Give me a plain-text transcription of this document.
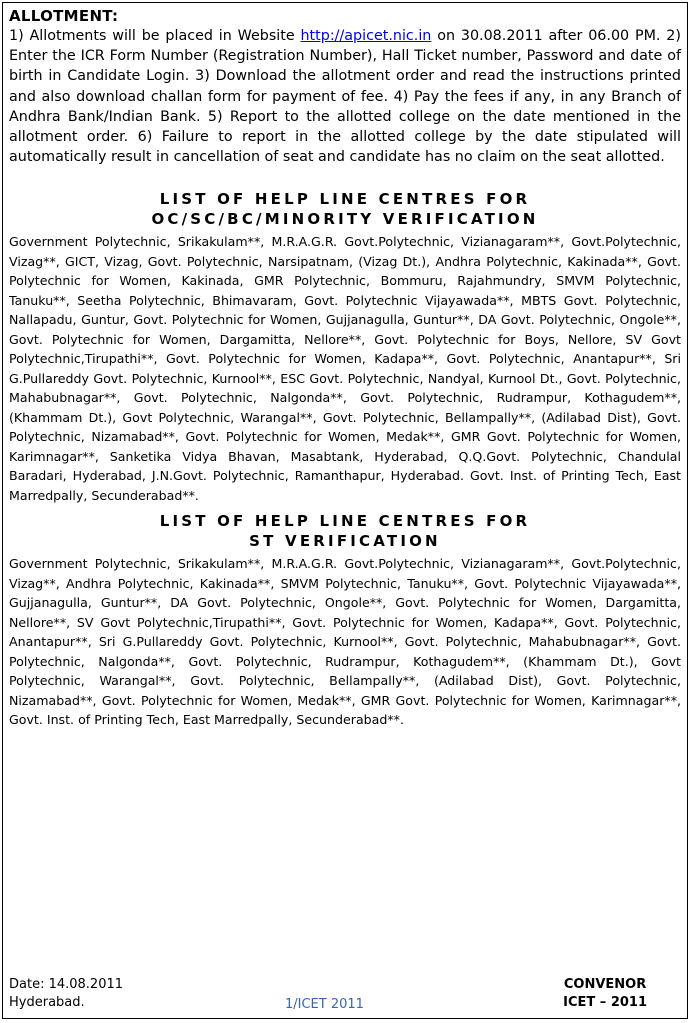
ALLOTMENT:
1) Allotments will be placed in Website http://apicet.nic.in on 30.08.2011 after 06.00 PM. 2) Enter the ICR Form Number (Registration Number), Hall Ticket number, Password and date of birth in Candidate Login. 3) Download the allotment order and read the instructions printed and also download challan form for payment of fee. 4) Pay the fees if any, in any Branch of Andhra Bank/Indian Bank. 5) Report to the allotted college on the date mentioned in the allotment order. 6) Failure to report in the allotted college by the date stipulated will automatically result in cancellation of seat and candidate has no claim on the seat allotted.
LIST OF HELP LINE CENTRES FOR
OC/SC/BC/MINORITY VERIFICATION
Government Polytechnic, Srikakulam**, M.R.A.G.R. Govt.Polytechnic, Vizianagaram**, Govt.Polytechnic, Vizag**, GICT, Vizag, Govt. Polytechnic, Narsipatnam, (Vizag Dt.), Andhra Polytechnic, Kakinada**, Govt. Polytechnic for Women, Kakinada, GMR Polytechnic, Bommuru, Rajahmundry, SMVM Polytechnic, Tanuku**, Seetha Polytechnic, Bhimavaram, Govt. Polytechnic Vijayawada**, MBTS Govt. Polytechnic, Nallapadu, Guntur, Govt. Polytechnic for Women, Gujjanagulla, Guntur**, DA Govt. Polytechnic, Ongole**, Govt. Polytechnic for Women, Dargamitta, Nellore**, Govt. Polytechnic for Boys, Nellore, SV Govt Polytechnic,Tirupathi**, Govt. Polytechnic for Women, Kadapa**, Govt. Polytechnic, Anantapur**, Sri G.Pullareddy Govt. Polytechnic, Kurnool**, ESC Govt. Polytechnic, Nandyal, Kurnool Dt., Govt. Polytechnic, Mahabubnagar**, Govt. Polytechnic, Nalgonda**, Govt. Polytechnic, Rudrampur, Kothagudem**, (Khammam Dt.), Govt Polytechnic, Warangal**, Govt. Polytechnic, Bellampally**, (Adilabad Dist), Govt. Polytechnic, Nizamabad**, Govt. Polytechnic for Women, Medak**, GMR Govt. Polytechnic for Women, Karimnagar**, Sanketika Vidya Bhavan, Masabtank, Hyderabad, Q.Q.Govt. Polytechnic, Chandulal Baradari, Hyderabad, J.N.Govt. Polytechnic, Ramanthapur, Hyderabad. Govt. Inst. of Printing Tech, East Marredpally, Secunderabad**.
LIST OF HELP LINE CENTRES FOR
ST VERIFICATION
Government Polytechnic, Srikakulam**, M.R.A.G.R. Govt.Polytechnic, Vizianagaram**, Govt.Polytechnic, Vizag**, Andhra Polytechnic, Kakinada**, SMVM Polytechnic, Tanuku**, Govt. Polytechnic Vijayawada**, Gujjanagulla, Guntur**, DA Govt. Polytechnic, Ongole**, Govt. Polytechnic for Women, Dargamitta, Nellore**, SV Govt Polytechnic,Tirupathi**, Govt. Polytechnic for Women, Kadapa**, Govt. Polytechnic, Anantapur**, Sri G.Pullareddy Govt. Polytechnic, Kurnool**, Govt. Polytechnic, Mahabubnagar**, Govt. Polytechnic, Nalgonda**, Govt. Polytechnic, Rudrampur, Kothagudem**, (Khammam Dt.), Govt Polytechnic, Warangal**, Govt. Polytechnic, Bellampally**, (Adilabad Dist), Govt. Polytechnic, Nizamabad**, Govt. Polytechnic for Women, Medak**, GMR Govt. Polytechnic for Women, Karimnagar**, Govt. Inst. of Printing Tech, East Marredpally, Secunderabad**.
Date: 14.08.2011
Hyderabad.	1/ICET 2011
CONVENOR
ICET – 2011
